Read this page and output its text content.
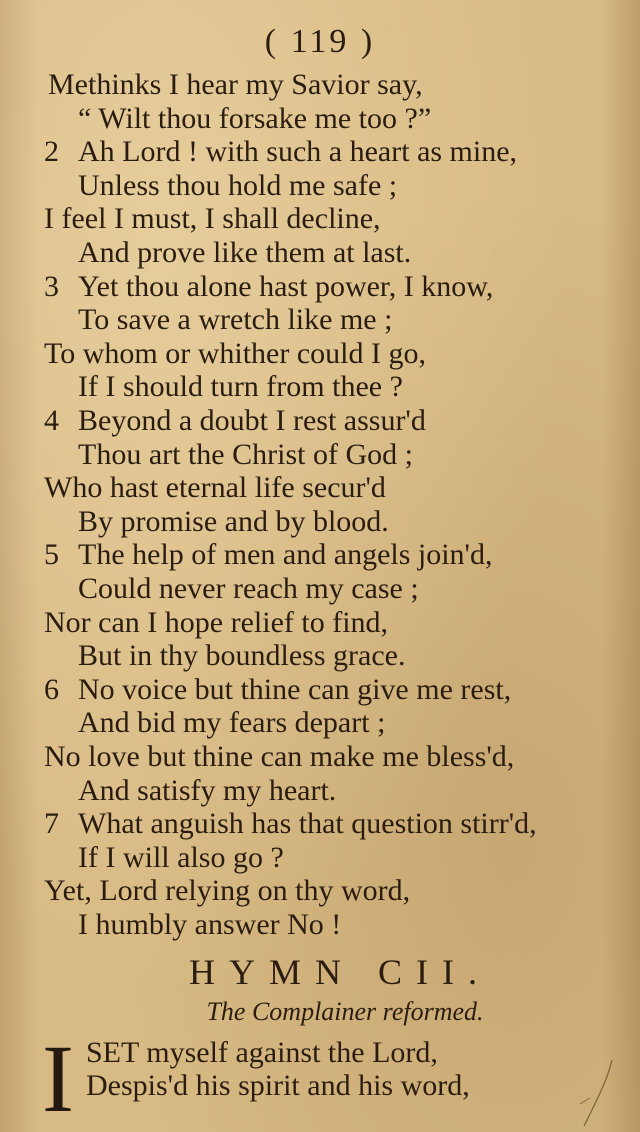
( 119 )
Methinks I hear my Savior say,
“ Wilt thou forsake me too ?”
2 Ah Lord ! with such a heart as mine,
Unless thou hold me safe ;
I feel I must, I shall decline,
And prove like them at last.
3 Yet thou alone hast power, I know,
To save a wretch like me ;
To whom or whither could I go,
If I should turn from thee ?
4 Beyond a doubt I rest assur'd
Thou art the Christ of God ;
Who hast eternal life secur'd
By promise and by blood.
5 The help of men and angels join'd,
Could never reach my case ;
Nor can I hope relief to find,
But in thy boundless grace.
6 No voice but thine can give me rest,
And bid my fears depart ;
No love but thine can make me bless'd,
And satisfy my heart.
7 What anguish has that question stirr'd,
If I will also go ?
Yet, Lord relying on thy word,
I humbly answer No !
HYMN CII.
The Complainer reformed.
I SET myself against the Lord,
Despis'd his spirit and his word,
